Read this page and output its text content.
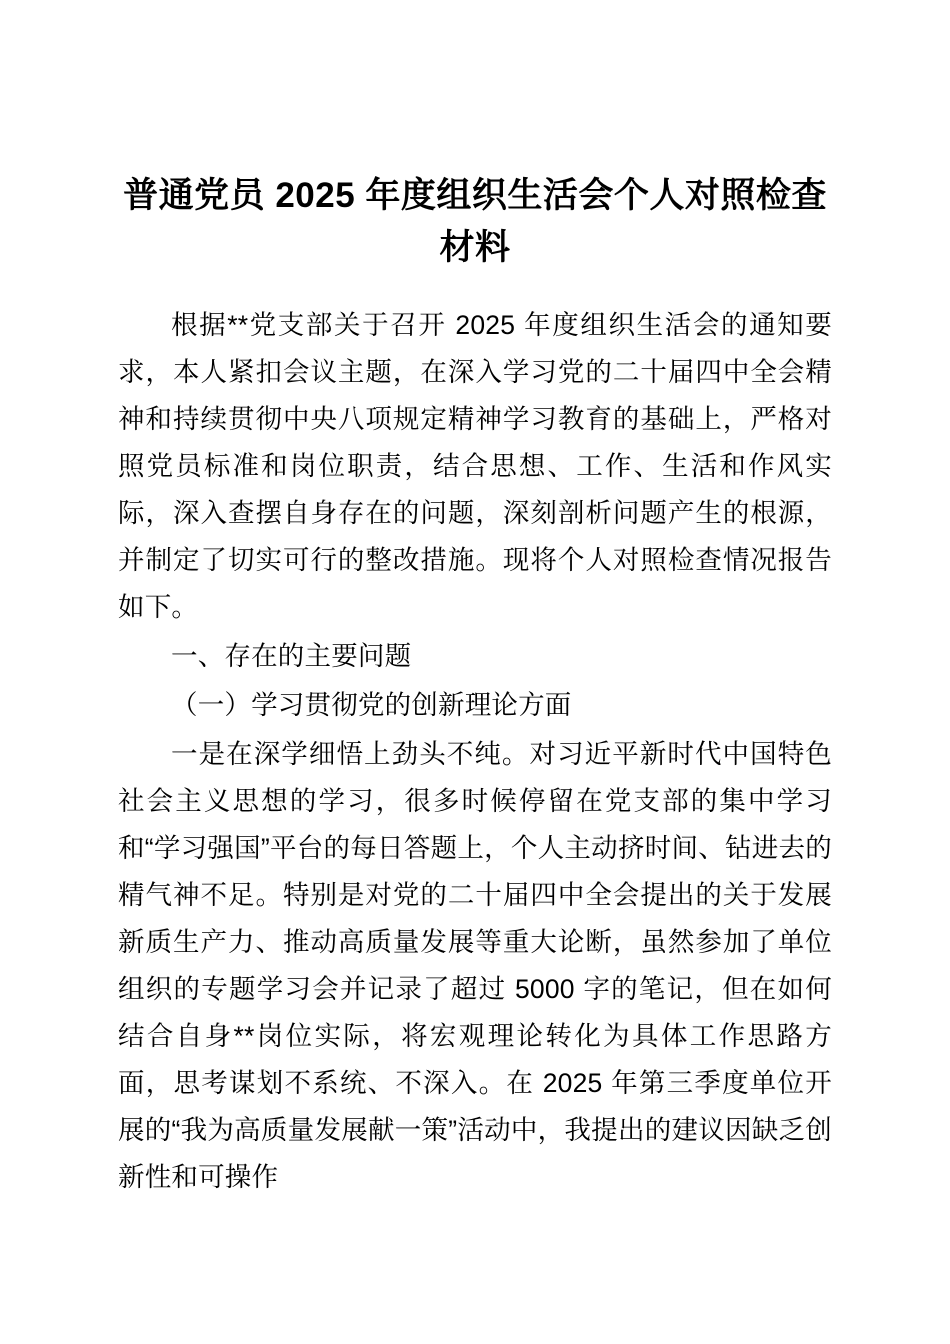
普通党员 2025 年度组织生活会个人对照检查材料

根据**党支部关于召开 2025 年度组织生活会的通知要求，本人紧扣会议主题，在深入学习党的二十届四中全会精神和持续贯彻中央八项规定精神学习教育的基础上，严格对照党员标准和岗位职责，结合思想、工作、生活和作风实际，深入查摆自身存在的问题，深刻剖析问题产生的根源，并制定了切实可行的整改措施。现将个人对照检查情况报告如下。

一、存在的主要问题

（一）学习贯彻党的创新理论方面

一是在深学细悟上劲头不纯。对习近平新时代中国特色社会主义思想的学习，很多时候停留在党支部的集中学习和“学习强国”平台的每日答题上，个人主动挤时间、钻进去的精气神不足。特别是对党的二十届四中全会提出的关于发展新质生产力、推动高质量发展等重大论断，虽然参加了单位组织的专题学习会并记录了超过 5000 字的笔记，但在如何结合自身**岗位实际，将宏观理论转化为具体工作思路方面，思考谋划不系统、不深入。在 2025 年第三季度单位开展的“我为高质量发展献一策”活动中，我提出的建议因缺乏创新性和可操作
